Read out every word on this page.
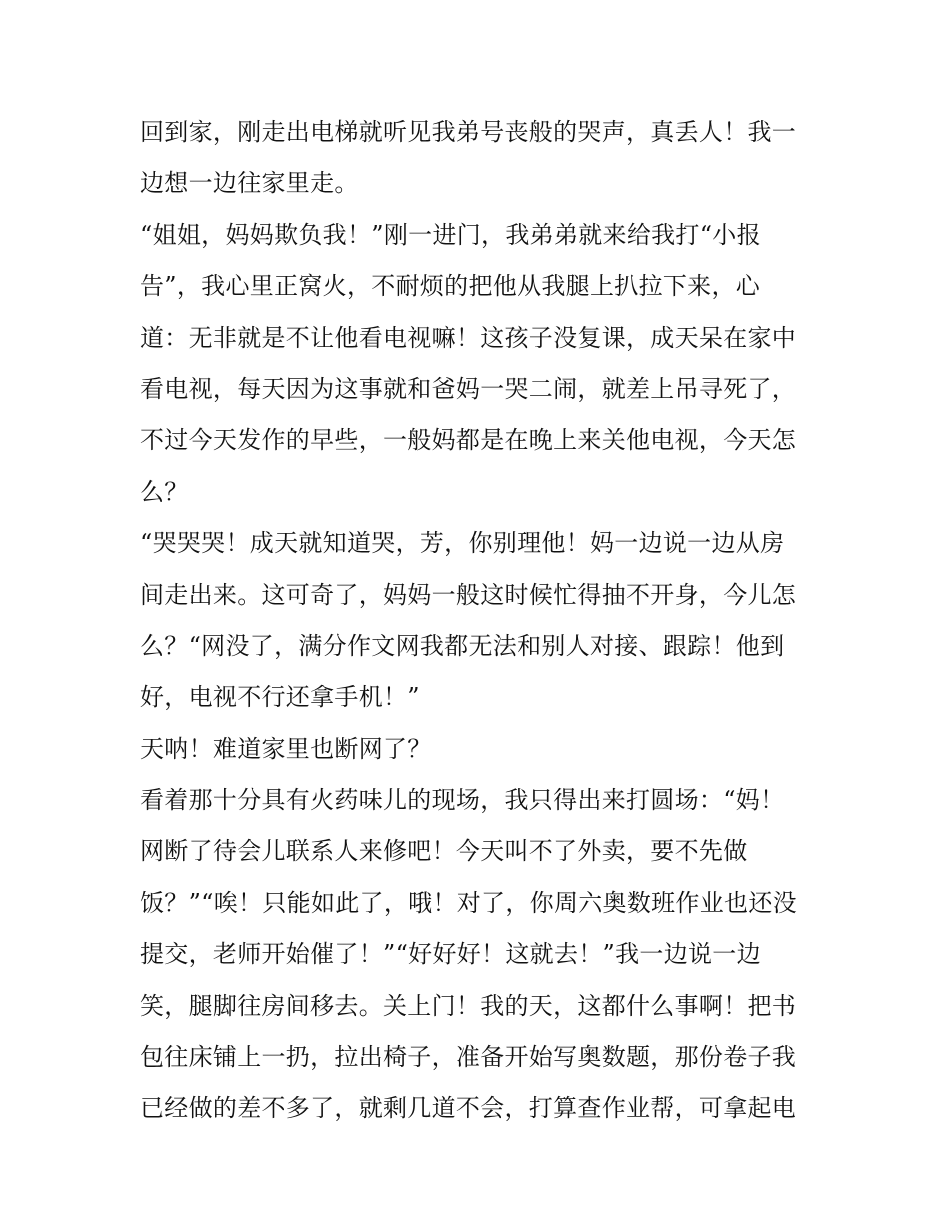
回到家，刚走出电梯就听见我弟号丧般的哭声，真丢人！我一
边想一边往家里走。
“姐姐，妈妈欺负我！”刚一进门，我弟弟就来给我打“小报
告”，我心里正窝火，不耐烦的把他从我腿上扒拉下来，心
道：无非就是不让他看电视嘛！这孩子没复课，成天呆在家中
看电视，每天因为这事就和爸妈一哭二闹，就差上吊寻死了，
不过今天发作的早些，一般妈都是在晚上来关他电视，今天怎
么？
“哭哭哭！成天就知道哭，芳，你别理他！妈一边说一边从房
间走出来。这可奇了，妈妈一般这时候忙得抽不开身，今儿怎
么？“网没了，满分作文网我都无法和别人对接、跟踪！他到
好，电视不行还拿手机！”
天呐！难道家里也断网了？
看着那十分具有火药味儿的现场，我只得出来打圆场：“妈！
网断了待会儿联系人来修吧！今天叫不了外卖，要不先做
饭？”“唉！只能如此了，哦！对了，你周六奥数班作业也还没
提交，老师开始催了！”“好好好！这就去！”我一边说一边
笑，腿脚往房间移去。关上门！我的天，这都什么事啊！把书
包往床铺上一扔，拉出椅子，准备开始写奥数题，那份卷子我
已经做的差不多了，就剩几道不会，打算查作业帮，可拿起电
